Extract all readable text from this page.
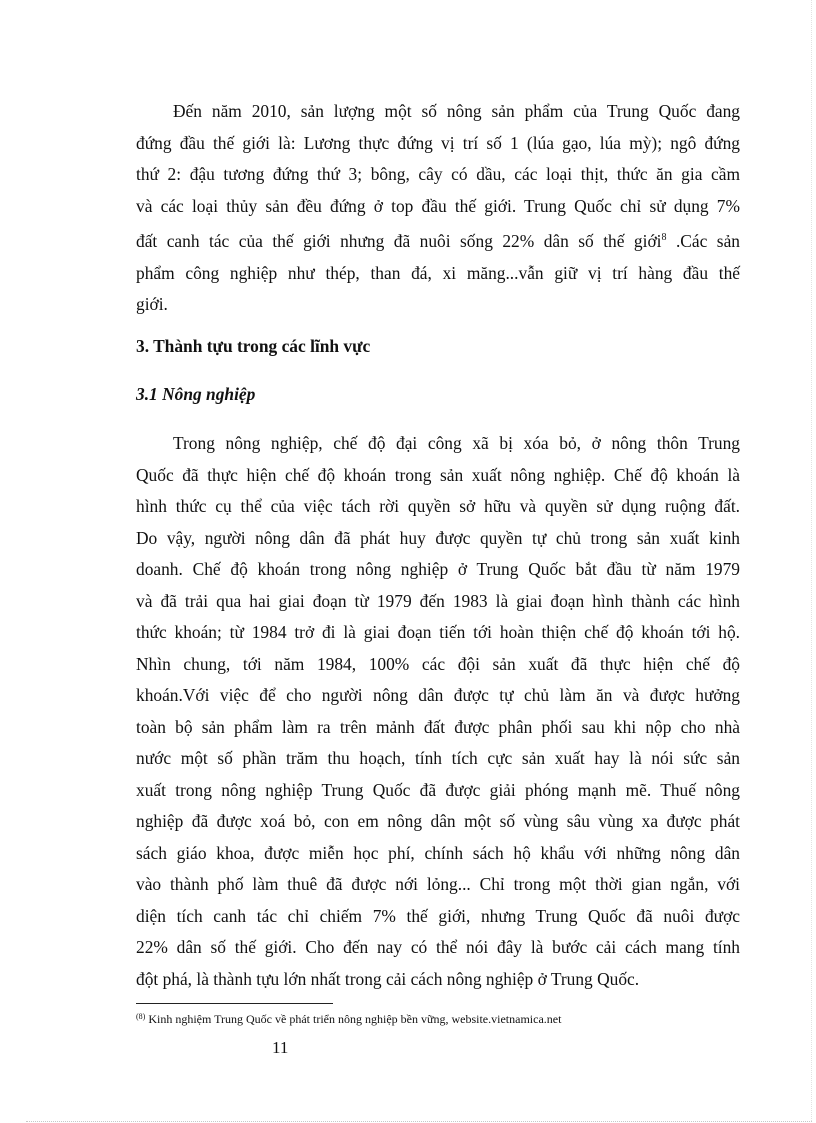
Đến năm 2010, sản lượng một số nông sản phẩm của Trung Quốc đang
đứng đầu thế giới là: Lương thực đứng vị trí số 1 (lúa gạo, lúa mỳ); ngô đứng
thứ 2: đậu tương đứng thứ 3; bông, cây có dầu, các loại thịt, thức ăn gia cầm
và các loại thủy sản đều đứng ở top đầu thế giới. Trung Quốc chỉ sử dụng 7%
đất canh tác của thế giới nhưng đã nuôi sống 22% dân số thế giới$^8$ .Các sản
phẩm công nghiệp như thép, than đá, xi măng...vẫn giữ vị trí hàng đầu thế
giới.
3. Thành tựu trong các lĩnh vực
3.1 Nông nghiệp
Trong nông nghiệp, chế độ đại công xã bị xóa bỏ, ở nông thôn Trung
Quốc đã thực hiện chế độ khoán trong sản xuất nông nghiệp. Chế độ khoán là
hình thức cụ thể của việc tách rời quyền sở hữu và quyền sử dụng ruộng đất.
Do vậy, người nông dân đã phát huy được quyền tự chủ trong sản xuất kinh
doanh. Chế độ khoán trong nông nghiệp ở Trung Quốc bắt đầu từ năm 1979
và đã trải qua hai giai đoạn từ 1979 đến 1983 là giai đoạn hình thành các hình
thức khoán; từ 1984 trở đi là giai đoạn tiến tới hoàn thiện chế độ khoán tới hộ.
Nhìn chung, tới năm 1984, 100% các đội sản xuất đã thực hiện chế độ
khoán.Với việc để cho người nông dân được tự chủ làm ăn và được hưởng
toàn bộ sản phẩm làm ra trên mảnh đất được phân phối sau khi nộp cho nhà
nước một số phần trăm thu hoạch, tính tích cực sản xuất hay là nói sức sản
xuất trong nông nghiệp Trung Quốc đã được giải phóng mạnh mẽ. Thuế nông
nghiệp đã được xoá bỏ, con em nông dân một số vùng sâu vùng xa được phát
sách giáo khoa, được miễn học phí, chính sách hộ khẩu với những nông dân
vào thành phố làm thuê đã được nới lỏng... Chỉ trong một thời gian ngắn, với
diện tích canh tác chỉ chiếm 7% thế giới, nhưng Trung Quốc đã nuôi được
22% dân số thế giới. Cho đến nay có thể nói đây là bước cải cách mang tính
đột phá, là thành tựu lớn nhất trong cải cách nông nghiệp ở Trung Quốc.

$^{(8)}$ Kinh nghiệm Trung Quốc về phát triển nông nghiệp bền vững, website.vietnamica.net

11
